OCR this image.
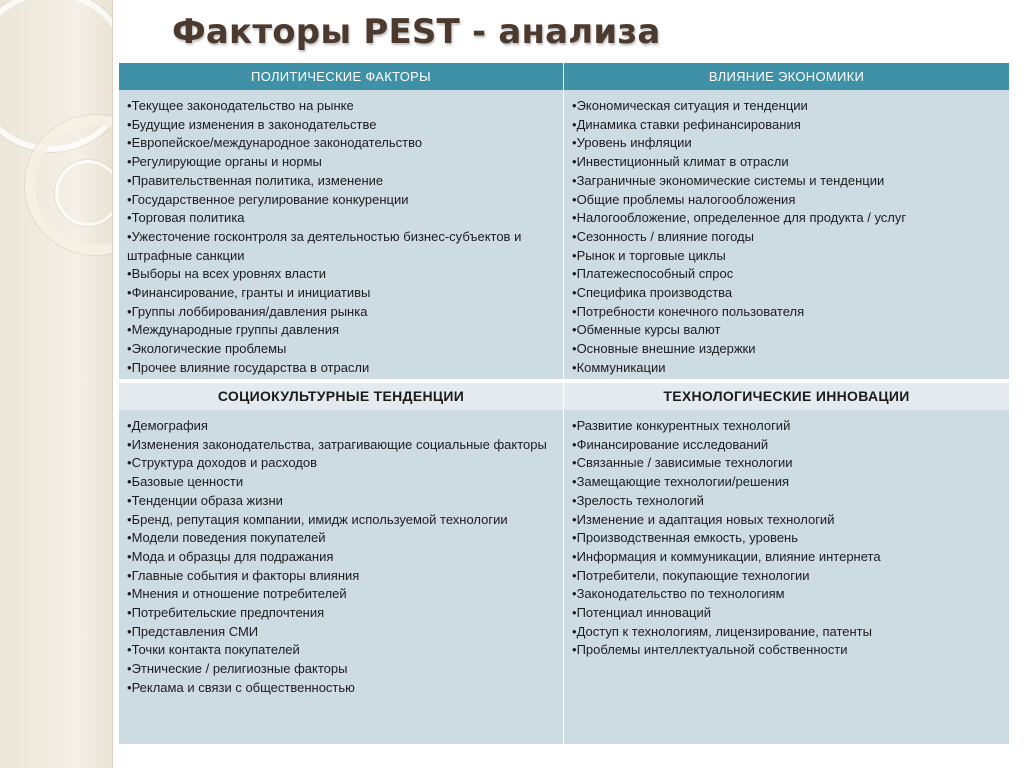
Факторы PEST - анализа
ПОЛИТИЧЕСКИЕ ФАКТОРЫ	ВЛИЯНИЕ ЭКОНОМИКИ
• Текущее законодательство на рынке
• Будущие изменения в законодательстве
• Европейское/международное законодательство
• Регулирующие органы и нормы
• Правительственная политика, изменение
• Государственное регулирование конкуренции
• Торговая политика
• Ужесточение госконтроля за деятельностью бизнес-субъектов и штрафные санкции
• Выборы на всех уровнях власти
• Финансирование, гранты и инициативы
• Группы лоббирования/давления рынка
• Международные группы давления
• Экологические проблемы
• Прочее влияние государства в отрасли
• Экономическая ситуация и тенденции
• Динамика ставки рефинансирования
• Уровень инфляции
• Инвестиционный климат в отрасли
• Заграничные экономические системы и тенденции
• Общие проблемы налогообложения
• Налогообложение, определенное для продукта / услуг
• Сезонность / влияние погоды
• Рынок и торговые циклы
• Платежеспособный спрос
• Специфика производства
• Потребности конечного пользователя
• Обменные курсы валют
• Основные внешние издержки
• Коммуникации
СОЦИОКУЛЬТУРНЫЕ ТЕНДЕНЦИИ	ТЕХНОЛОГИЧЕСКИЕ ИННОВАЦИИ
• Демография
• Изменения законодательства, затрагивающие социальные факторы
• Структура доходов и расходов
• Базовые ценности
• Тенденции образа жизни
• Бренд, репутация компании, имидж используемой технологии
• Модели поведения покупателей
• Мода и образцы для подражания
• Главные события и факторы влияния
• Мнения и отношение потребителей
• Потребительские предпочтения
• Представления СМИ
• Точки контакта покупателей
• Этнические / религиозные факторы
• Реклама и связи с общественностью
• Развитие конкурентных технологий
• Финансирование исследований
• Связанные / зависимые технологии
• Замещающие технологии/решения
• Зрелость технологий
• Изменение и адаптация новых технологий
• Производственная емкость, уровень
• Информация и коммуникации, влияние интернета
• Потребители, покупающие технологии
• Законодательство по технологиям
• Потенциал инноваций
• Доступ к технологиям, лицензирование, патенты
• Проблемы интеллектуальной собственности
